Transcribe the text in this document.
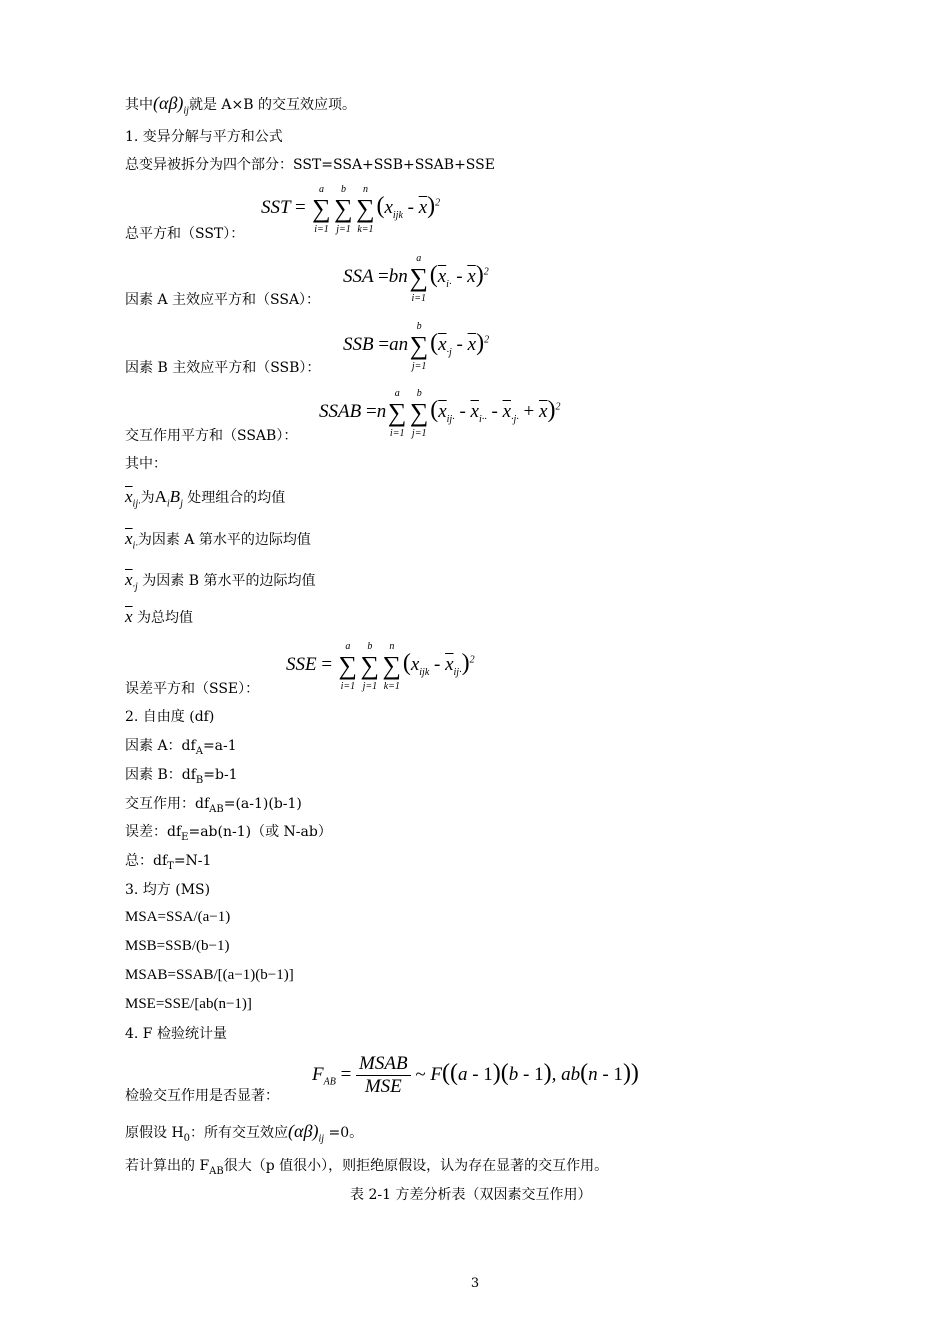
其中$(\alpha\beta)_{ij}$就是 A×B 的交互效应项。
1. 变异分解与平方和公式
总变异被拆分为四个部分：SST=SSA+SSB+SSAB+SSE
SST = ∑
a
i=1
∑
b
j=1
∑
n
k=1
$(x_{ijk} - \overline{x})^2$
总平方和（SST）：
SSA =bn∑
a
i=1
$(\overline{x}_{i\cdot} - \overline{x})^2$
因素 A 主效应平方和（SSA）：
SSB =an∑
b
j=1
$(\overline{x}_{\cdot j} - \overline{x})^2$
因素 B 主效应平方和（SSB）：
SSAB =n∑
a
i=1
∑
b
j=1
$(\overline{x}_{ij\cdot} - \overline{x}_{i\cdot\cdot} - \overline{x}_{\cdot j\cdot} + \overline{x})^2$
交互作用平方和（SSAB）：
其中：
$\overline{x}_{ij\cdot}$为$A_iB_j$ 处理组合的均值
$\overline{x}_{i\cdot}$为因素 A 第水平的边际均值
$\overline{x}_{\cdot j}$ 为因素 B 第水平的边际均值
$\overline{x}$ 为总均值
SSE = ∑
a
i=1
∑
b
j=1
∑
n
k=1
$(x_{ijk} - \overline{x}_{ij\cdot})^2$
误差平方和（SSE）：
2. 自由度 (df)
因素 A：$df_A=a-1$
因素 B：$df_B=b-1$
交互作用：$df_{AB}=(a-1)(b-1)$
误差：$df_E=ab(n-1)$（或 N-ab）
总：$df_T=N-1$
3. 均方 (MS)
MSA=SSA/(a−1)
MSB=SSB/(b−1)
MSAB=SSAB/[(a−1)(b−1)]
MSE=SSE/[ab(n−1)]
4. F 检验统计量
$F_{AB} = \frac{\text{MSAB}}{\text{MSE}}$ ~ F((a - 1)(b - 1), ab(n - 1))
检验交互作用是否显著：
原假设 $H_0$：所有交互效应$(\alpha\beta)_{ij} =0$。
若计算出的 $F_{AB}$很大（p 值很小），则拒绝原假设，认为存在显著的交互作用。
表 2-1 方差分析表（双因素交互作用）
3
